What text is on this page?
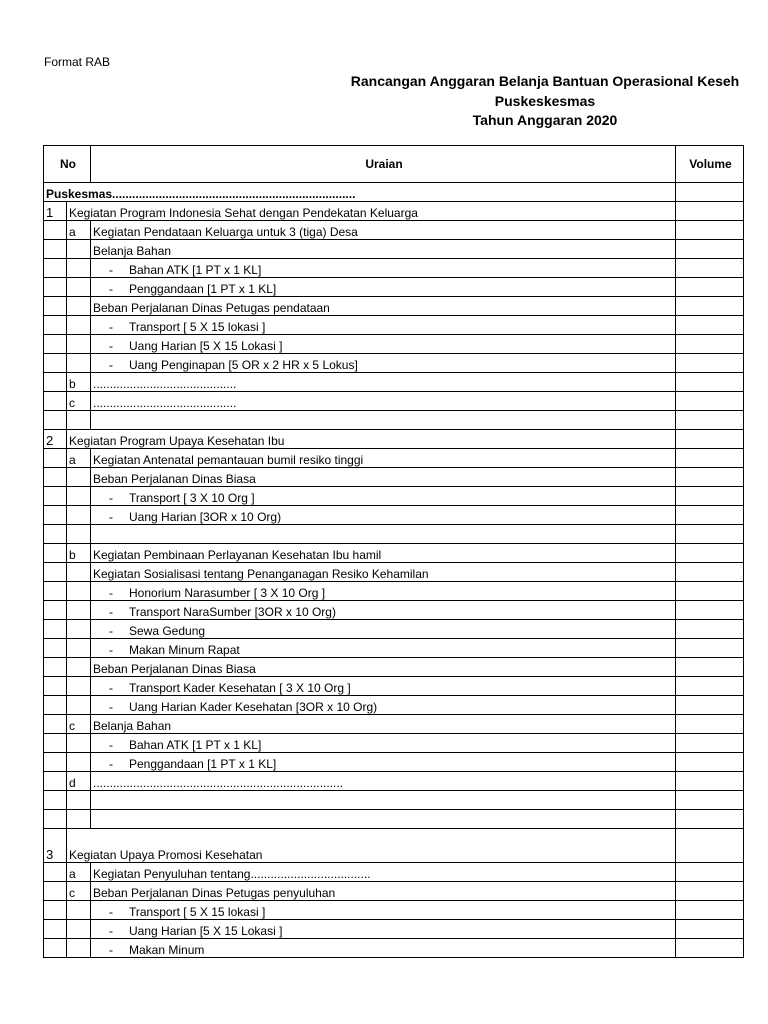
Format RAB
Rancangan Anggaran Belanja Bantuan Operasional Keseh
Puskeskesmas
Tahun Anggaran 2020
No		Uraian	Volume
Puskesmas.........................................................................			
1	Kegiatan Program Indonesia Sehat dengan Pendekatan Keluarga		
	a	Kegiatan Pendataan Keluarga untuk 3 (tiga) Desa	
		Belanja Bahan	
		- Bahan ATK [1 PT x 1 KL]	
		- Penggandaan [1 PT x 1 KL]	
		Beban Perjalanan Dinas Petugas pendataan	
		- Transport [ 5 X 15 lokasi ]	
		- Uang Harian [5 X 15 Lokasi ]	
		- Uang Penginapan [5 OR x 2 HR x 5 Lokus]	
	b	...........................................	
	c	...........................................	

2	Kegiatan Program Upaya Kesehatan Ibu		
	a	Kegiatan Antenatal pemantauan bumil resiko tinggi	
		Beban Perjalanan Dinas Biasa	
		- Transport [ 3 X 10 Org ]	
		- Uang Harian [3OR x 10 Org)	

	b	Kegiatan Pembinaan Perlayanan Kesehatan Ibu hamil	
		Kegiatan Sosialisasi tentang Penanganagan Resiko Kehamilan	
		- Honorium Narasumber [ 3 X 10 Org ]	
		- Transport NaraSumber [3OR x 10 Org)	
		- Sewa Gedung	
		- Makan Minum Rapat	
		Beban Perjalanan Dinas Biasa	
		- Transport Kader Kesehatan [ 3 X 10 Org ]	
		- Uang Harian Kader Kesehatan [3OR x 10 Org)	
	c	Belanja Bahan	
		- Bahan ATK [1 PT x 1 KL]	
		- Penggandaan [1 PT x 1 KL]	
	d	...........................................................................	

3	Kegiatan Upaya Promosi Kesehatan		
	a	Kegiatan Penyuluhan tentang....................................	
	c	Beban Perjalanan Dinas Petugas penyuluhan	
		- Transport [ 5 X 15 lokasi ]	
		- Uang Harian [5 X 15 Lokasi ]	
		- Makan Minum	
